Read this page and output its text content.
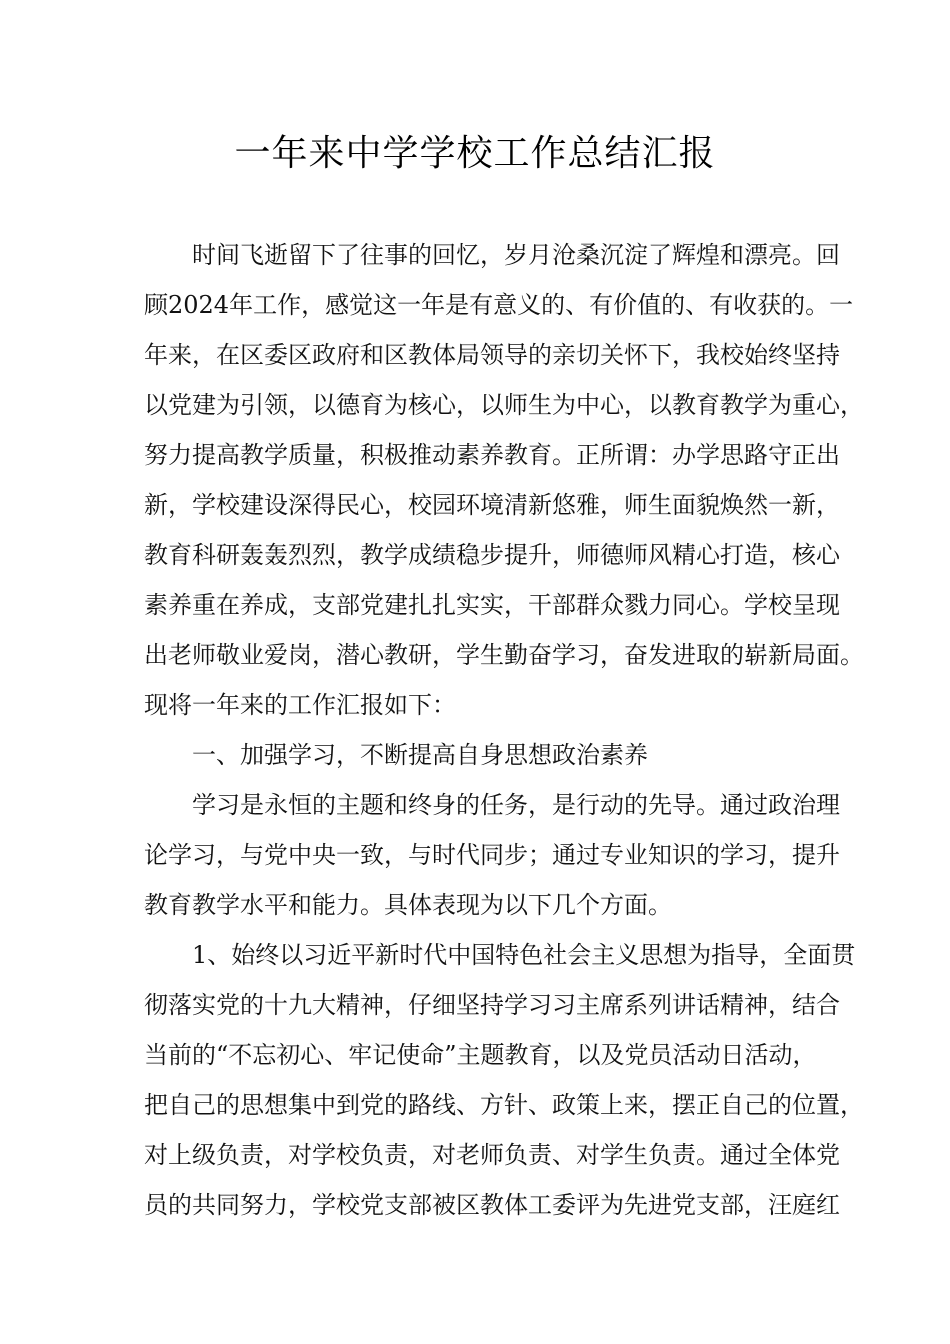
一年来中学学校工作总结汇报
时间飞逝留下了往事的回忆，岁月沧桑沉淀了辉煌和漂亮。回
顾2024年工作，感觉这一年是有意义的、有价值的、有收获的。一
年来，在区委区政府和区教体局领导的亲切关怀下，我校始终坚持
以党建为引领，以德育为核心，以师生为中心，以教育教学为重心，
努力提高教学质量，积极推动素养教育。正所谓：办学思路守正出
新，学校建设深得民心，校园环境清新悠雅，师生面貌焕然一新，
教育科研轰轰烈烈，教学成绩稳步提升，师德师风精心打造，核心
素养重在养成，支部党建扎扎实实，干部群众戮力同心。学校呈现
出老师敬业爱岗，潜心教研，学生勤奋学习，奋发进取的崭新局面。
现将一年来的工作汇报如下：
一、加强学习，不断提高自身思想政治素养
学习是永恒的主题和终身的任务，是行动的先导。通过政治理
论学习，与党中央一致，与时代同步；通过专业知识的学习，提升
教育教学水平和能力。具体表现为以下几个方面。
1、始终以习近平新时代中国特色社会主义思想为指导，全面贯
彻落实党的十九大精神，仔细坚持学习习主席系列讲话精神，结合
当前的“不忘初心、牢记使命”主题教育，以及党员活动日活动，
把自己的思想集中到党的路线、方针、政策上来，摆正自己的位置，
对上级负责，对学校负责，对老师负责、对学生负责。通过全体党
员的共同努力，学校党支部被区教体工委评为先进党支部，汪庭红
